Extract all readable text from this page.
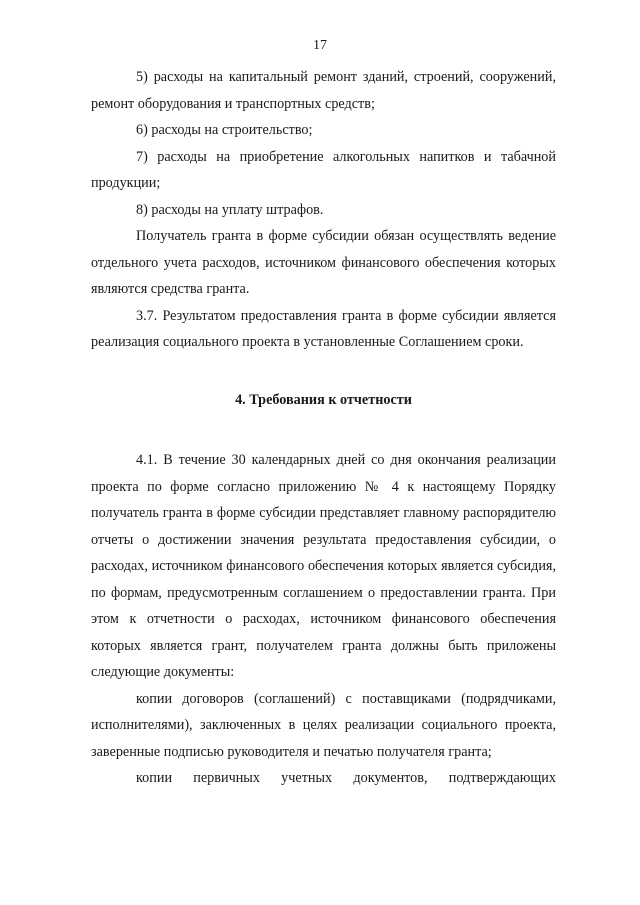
17

5) расходы на капитальный ремонт зданий, строений, сооружений, ремонт оборудования и транспортных средств;

6) расходы на строительство;

7) расходы на приобретение алкогольных напитков и табачной продукции;

8) расходы на уплату штрафов.

Получатель гранта в форме субсидии обязан осуществлять ведение отдельного учета расходов, источником финансового обеспечения которых являются средства гранта.

3.7. Результатом предоставления гранта в форме субсидии является реализация социального проекта в установленные Соглашением сроки.

4. Требования к отчетности

4.1. В течение 30 календарных дней со дня окончания реализации проекта по форме согласно приложению № 4 к настоящему Порядку получатель гранта в форме субсидии представляет главному распорядителю отчеты о достижении значения результата предоставления субсидии, о расходах, источником финансового обеспечения которых является субсидия, по формам, предусмотренным соглашением о предоставлении гранта. При этом к отчетности о расходах, источником финансового обеспечения которых является грант, получателем гранта должны быть приложены следующие документы:

копии договоров (соглашений) с поставщиками (подрядчиками, исполнителями), заключенных в целях реализации социального проекта, заверенные подписью руководителя и печатью получателя гранта;

копии первичных учетных документов, подтверждающих
